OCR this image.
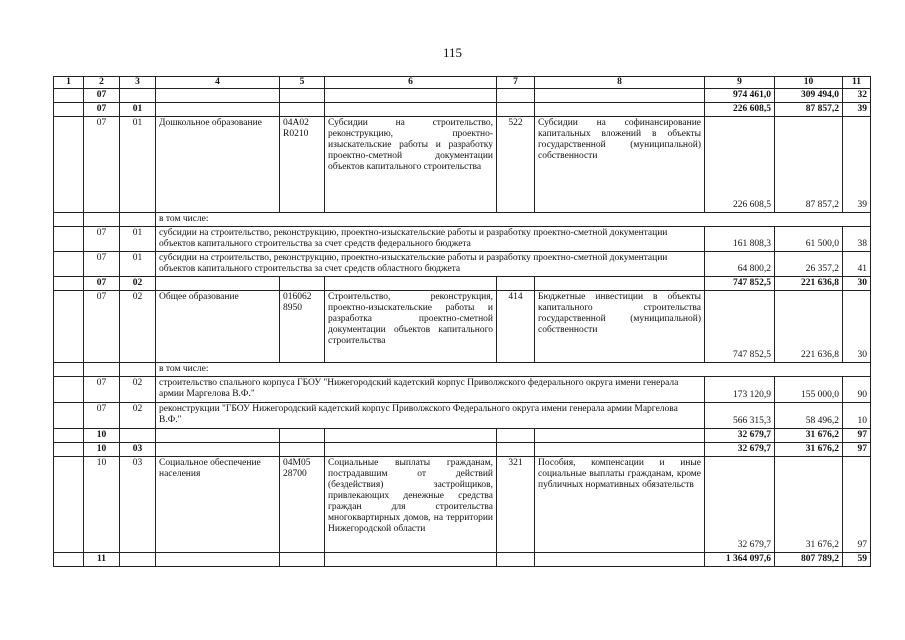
115
1	2	3	4	5	6	7	8	9	10	11
	07							974 461,0	309 494,0	32
	07	01						226 608,5	87 857,2	39
	07	01	Дошкольное образование	04А02 R0210	Субсидии на строительство, реконструкцию, проектно-изыскательские работы и разработку проектно-сметной документации объектов капитального строительства	522	Субсидии на софинансирование капитальных вложений в объекты государственной (муниципальной) собственности	226 608,5	87 857,2	39
			в том числе:							
	07	01	субсидии на строительство, реконструкцию, проектно-изыскательские работы и разработку проектно-сметной документации объектов капитального строительства за счет средств федерального бюджета					161 808,3	61 500,0	38
	07	01	субсидии на строительство, реконструкцию, проектно-изыскательские работы и разработку проектно-сметной документации объектов капитального строительства за счет средств областного бюджета					64 800,2	26 357,2	41
	07	02						747 852,5	221 636,8	30
	07	02	Общее образование	016062 8950	Строительство, реконструкция, проектно-изыскательские работы и разработка проектно-сметной документации объектов капитального строительства	414	Бюджетные инвестиции в объекты капитального строительства государственной (муниципальной) собственности	747 852,5	221 636,8	30
			в том числе:							
	07	02	строительство спального корпуса ГБОУ "Нижегородский кадетский корпус Приволжского федерального округа имени генерала армии Маргелова В.Ф."					173 120,9	155 000,0	90
	07	02	реконструкции "ГБОУ Нижегородский кадетский корпус Приволжского Федерального округа имени генерала армии Маргелова В.Ф."					566 315,3	58 496,2	10
	10							32 679,7	31 676,2	97
	10	03						32 679,7	31 676,2	97
	10	03	Социальное обеспечение населения	04М05 28700	Социальные выплаты гражданам, пострадавшим от действий (бездействия) застройщиков, привлекающих денежные средства граждан для строительства многоквартирных домов, на территории Нижегородской области	321	Пособия, компенсации и иные социальные выплаты гражданам, кроме публичных нормативных обязательств	32 679,7	31 676,2	97
	11							1 364 097,6	807 789,2	59
